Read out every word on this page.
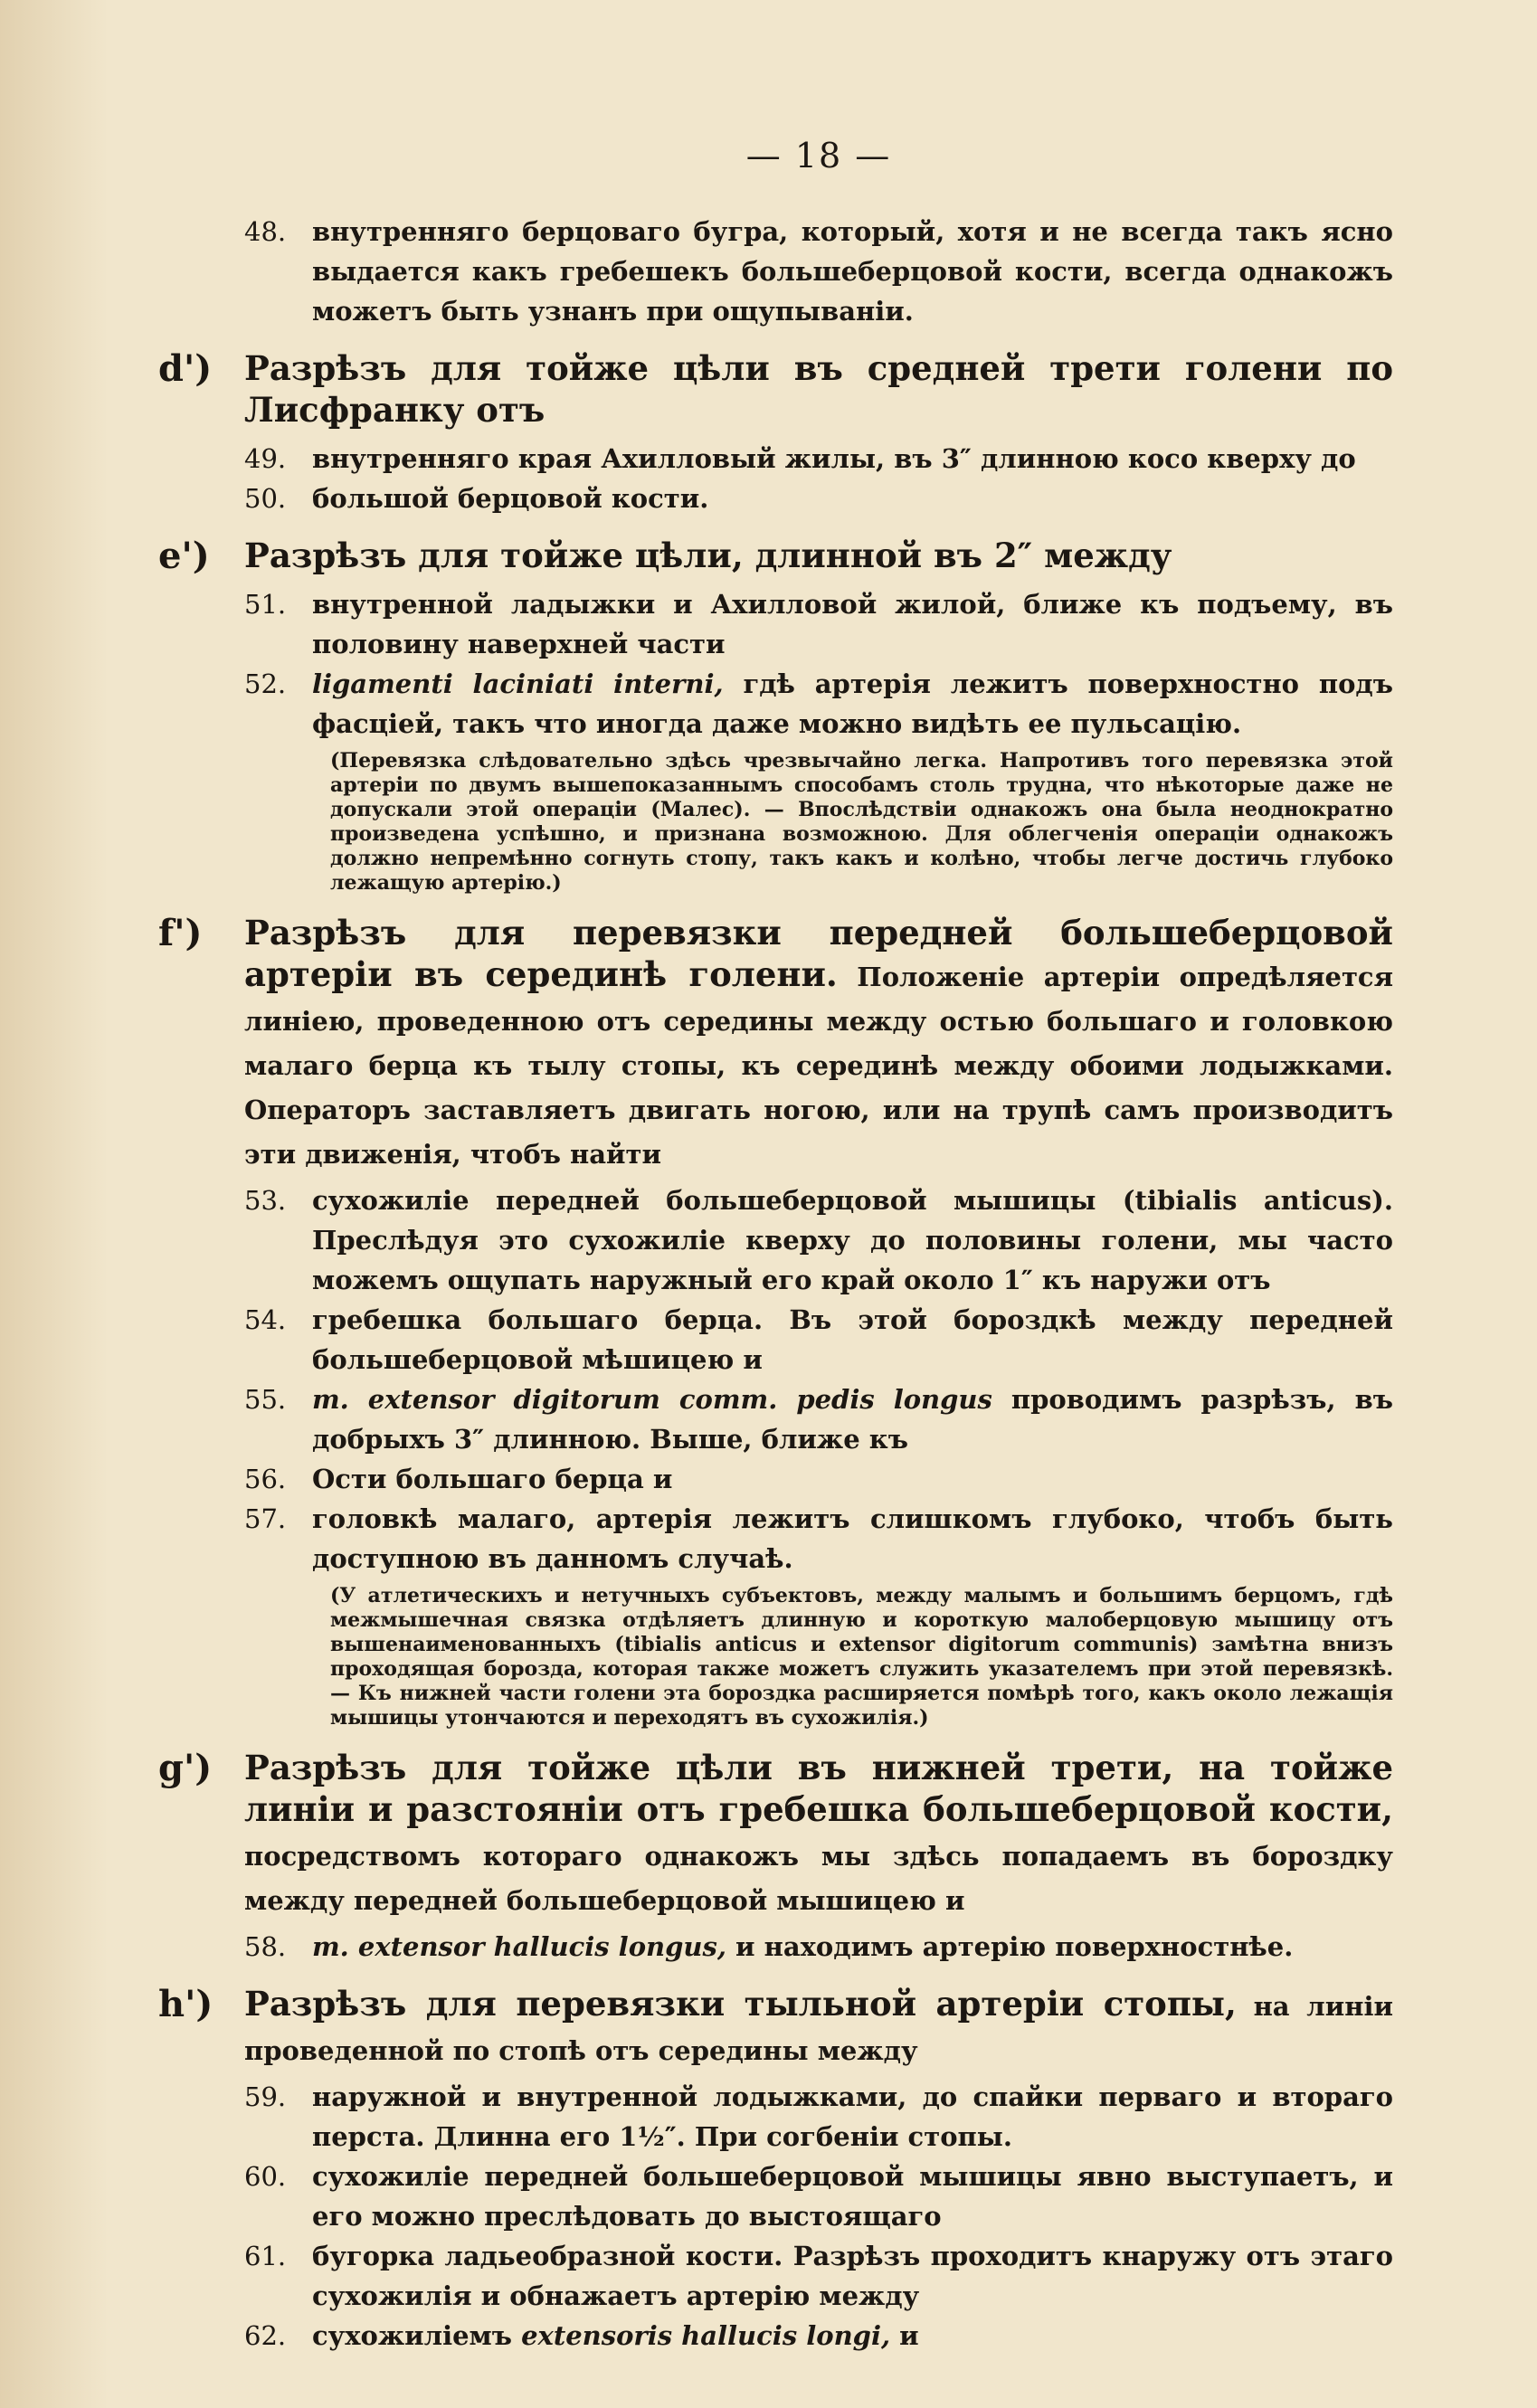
— 18 —
48. внутренняго берцоваго бугра, который, хотя и не всегда такъ ясно выдается какъ гребешекъ большеберцовой кости, всегда однакожъ можетъ быть узнанъ при ощупываніи.
d') Разрѣзъ для тойже цѣли въ средней трети голени по Лисфранку отъ
49. внутренняго края Ахилловый жилы, въ 3″ длинною косо кверху до
50. большой берцовой кости.
e') Разрѣзъ для тойже цѣли, длинной въ 2″ между
51. внутренной ладыжки и Ахилловой жилой, ближе къ подъему, въ половину наверхней части
52. ligamenti laciniati interni, гдѣ артерія лежитъ поверхностно подъ фасціей, такъ что иногда даже можно видѣть ее пульсацію.
(Перевязка слѣдовательно здѣсь чрезвычайно легка. Напротивъ того перевязка этой артеріи по двумъ вышепоказаннымъ способамъ столь трудна, что нѣкоторые даже не допускали этой операціи (Малес). — Впослѣдствіи однакожъ она была неоднократно произведена успѣшно, и признана возможною. Для облегченія операціи однакожъ должно непремѣнно согнуть стопу, такъ какъ и колѣно, чтобы легче достичь глубоко лежащую артерію.)
f')	Разрѣзъ для перевязки передней большеберцовой артеріи въ серединѣ голени. Положеніе артеріи опредѣляется линіею, проведенною отъ середины между остью большаго и головкою малаго берца къ тылу стопы, къ серединѣ между обоими лодыжками. Операторъ заставляетъ двигать ногою, или на трупѣ самъ производитъ эти движенія, чтобъ найти
53. сухожиліе передней большеберцовой мышицы (tibialis anticus). Преслѣдуя это сухожиліе кверху до половины голени, мы часто можемъ ощупать наружный его край около 1″ къ наружи отъ
54. гребешка большаго берца. Въ этой бороздкѣ между передней большеберцовой мѣшицею и
55. m. extensor digitorum comm. pedis longus проводимъ разрѣзъ, въ добрыхъ 3″ длинною. Выше, ближе къ
56. Ости большаго берца и
57. головкѣ малаго, артерія лежитъ слишкомъ глубоко, чтобъ быть доступною въ данномъ случаѣ.
(У атлетическихъ и нетучныхъ субъектовъ, между малымъ и большимъ берцомъ, гдѣ межмышечная связка отдѣляетъ длинную и короткую малоберцовую мышицу отъ вышенаименованныхъ (tibialis anticus и extensor digitorum communis) замѣтна внизъ проходящая борозда, которая также можетъ служить указателемъ при этой перевязкѣ. — Къ нижней части голени эта бороздка расширяется помѣрѣ того, какъ около лежащія мышицы утончаются и переходятъ въ сухожилія.)
g') Разрѣзъ для тойже цѣли въ нижней трети, на тойже линіи и разстояніи отъ гребешка большеберцовой кости, посредствомъ котораго однакожъ мы здѣсь попадаемъ въ бороздку между передней большеберцовой мышицею и
58. m. extensor hallucis longus, и находимъ артерію поверхностнѣе.
h') Разрѣзъ для перевязки тыльной артеріи стопы, на линіи проведенной по стопѣ отъ середины между
59. наружной и внутренной лодыжками, до спайки перваго и втораго перста. Длинна его 1½″. При согбеніи стопы.
60. сухожиліе передней большеберцовой мышицы явно выступаетъ, и его можно преслѣдовать до выстоящаго
61. бугорка ладьеобразной кости. Разрѣзъ проходитъ кнаружу отъ этаго сухожилія и обнажаетъ артерію между
62. сухожиліемъ extensoris hallucis longi, и
